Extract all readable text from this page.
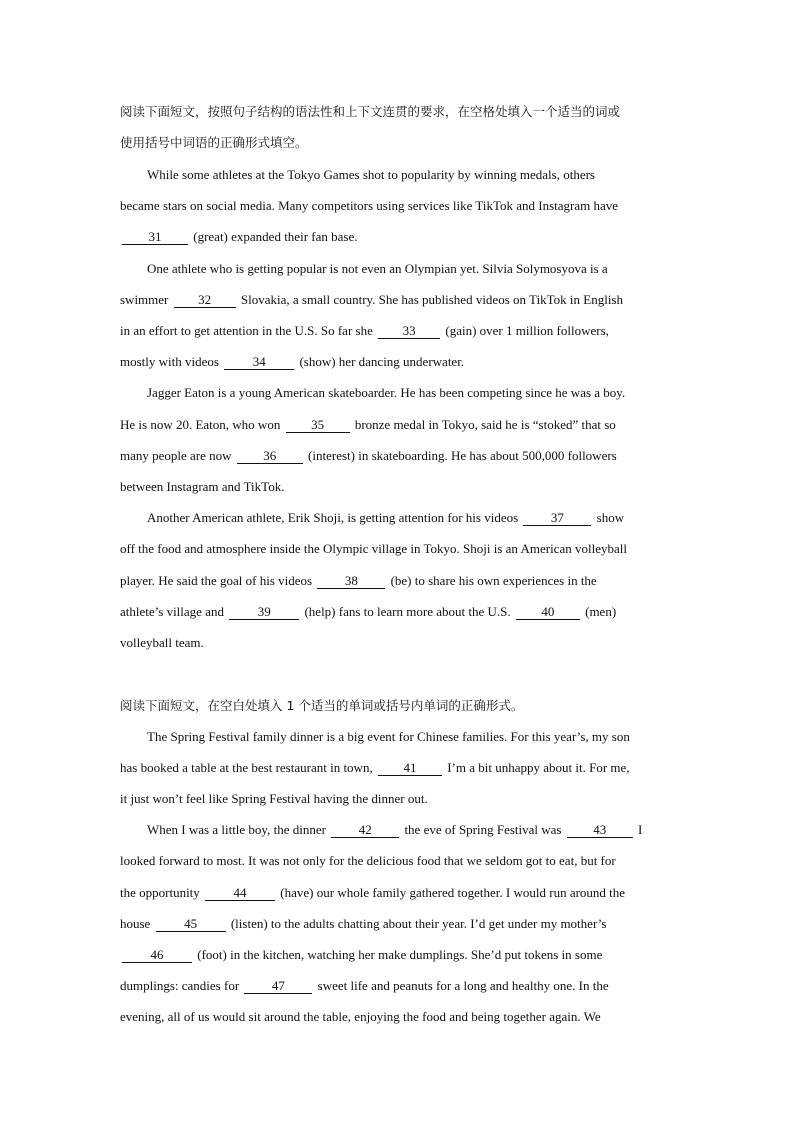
阅读下面短文，按照句子结构的语法性和上下文连贯的要求，在空格处填入一个适当的词或
使用括号中词语的正确形式填空。
While some athletes at the Tokyo Games shot to popularity by winning medals, others
became stars on social media. Many competitors using services like TikTok and Instagram have
31 (great) expanded their fan base.
One athlete who is getting popular is not even an Olympian yet. Silvia Solymosyova is a
swimmer 32 Slovakia, a small country. She has published videos on TikTok in English
in an effort to get attention in the U.S. So far she 33 (gain) over 1 million followers,
mostly with videos	34	(show) her dancing underwater.
Jagger Eaton is a young American skateboarder. He has been competing since he was a boy.
He is now 20. Eaton, who won 35 bronze medal in Tokyo, said he is “stoked” that so
many people are now 36 (interest) in skateboarding. He has about 500,000 followers
between Instagram and TikTok.
Another American athlete, Erik Shoji, is getting attention for his videos	37	show
off the food and atmosphere inside the Olympic village in Tokyo. Shoji is an American volleyball
player. He said the goal of his videos	38	(be) to share his own experiences in the
athlete’s village and	39	(help) fans to learn more about the U.S. 40 (men)
volleyball team.
阅读下面短文，在空白处填入 1 个适当的单词或括号内单词的正确形式。
The Spring Festival family dinner is a big event for Chinese families. For this year’s, my son
has booked a table at the best restaurant in town, 41 I’m a bit unhappy about it. For me,
it just won’t feel like Spring Festival having the dinner out.
When I was a little boy, the dinner	42	the eve of Spring Festival was 43 I
looked forward to most. It was not only for the delicious food that we seldom got to eat, but for
the opportunity	44	(have) our whole family gathered together. I would run around the
house	45	(listen) to the adults chatting about their year. I’d get under my mother’s
46	(foot) in the kitchen, watching her make dumplings. She’d put tokens in some
dumplings: candies for	47	sweet life and peanuts for a long and healthy one. In the
evening, all of us would sit around the table, enjoying the food and being together again. We
